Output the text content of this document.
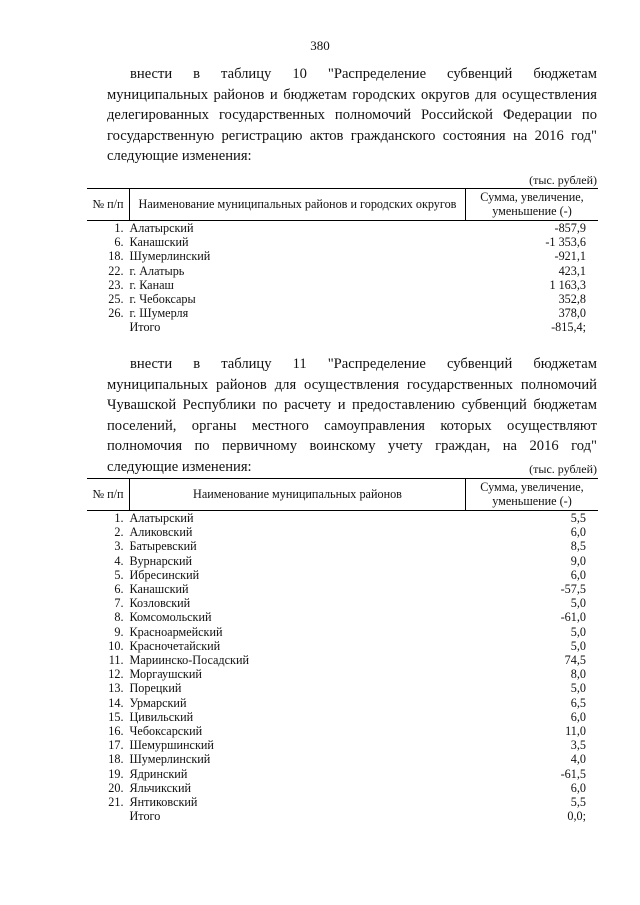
380

внести в таблицу 10 "Распределение субвенций бюджетам муниципальных районов и бюджетам городских округов для осуществления делегированных государственных полномочий Российской Федерации по государственную регистрацию актов гражданского состояния на 2016 год" следующие изменения:

(тыс. рублей)
№ п/п	Наименование муниципальных районов и городских округов	Сумма, увеличение, уменьшение (-)
1.	Алатырский	-857,9
6.	Канашский	-1 353,6
18.	Шумерлинский	-921,1
22.	г. Алатырь	423,1
23.	г. Канаш	1 163,3
25.	г. Чебоксары	352,8
26.	г. Шумерля	378,0
	Итого	-815,4;

внести в таблицу 11 "Распределение субвенций бюджетам муниципальных районов для осуществления государственных полномочий Чувашской Республики по расчету и предоставлению субвенций бюджетам поселений, органы местного самоуправления которых осуществляют полномочия по первичному воинскому учету граждан, на 2016 год" следующие изменения:	(тыс. рублей)
№ п/п	Наименование муниципальных районов	Сумма, увеличение, уменьшение (-)
1.	Алатырский	5,5
2.	Аликовский	6,0
3.	Батыревский	8,5
4.	Вурнарский	9,0
5.	Ибресинский	6,0
6.	Канашский	-57,5
7.	Козловский	5,0
8.	Комсомольский	-61,0
9.	Красноармейский	5,0
10.	Красночетайский	5,0
11.	Мариинско-Посадский	74,5
12.	Моргаушский	8,0
13.	Порецкий	5,0
14.	Урмарский	6,5
15.	Цивильский	6,0
16.	Чебоксарский	11,0
17.	Шемуршинский	3,5
18.	Шумерлинский	4,0
19.	Ядринский	-61,5
20.	Яльчикский	6,0
21.	Янтиковский	5,5
	Итого	0,0;
